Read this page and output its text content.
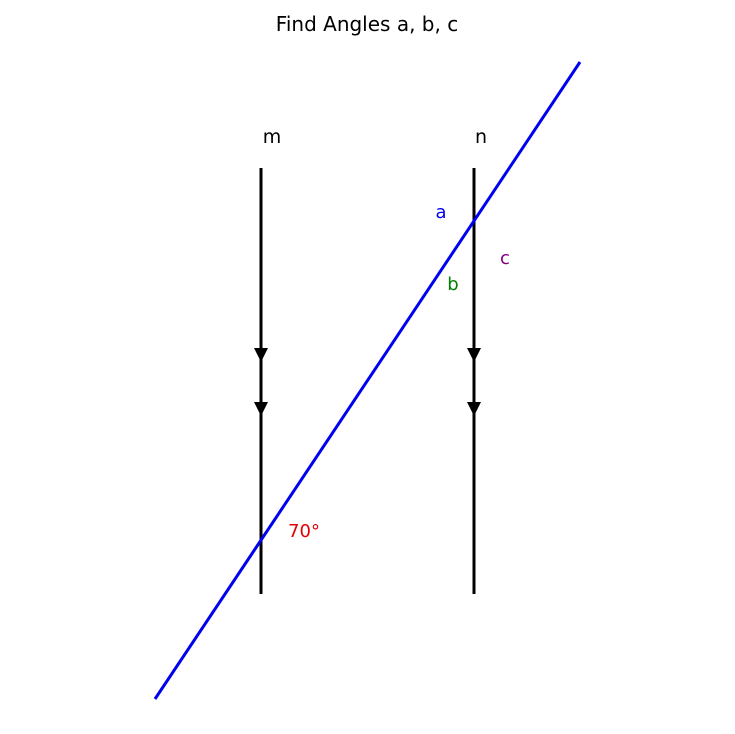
Find Angles a, b, c
m	n
70°
a
b
c
